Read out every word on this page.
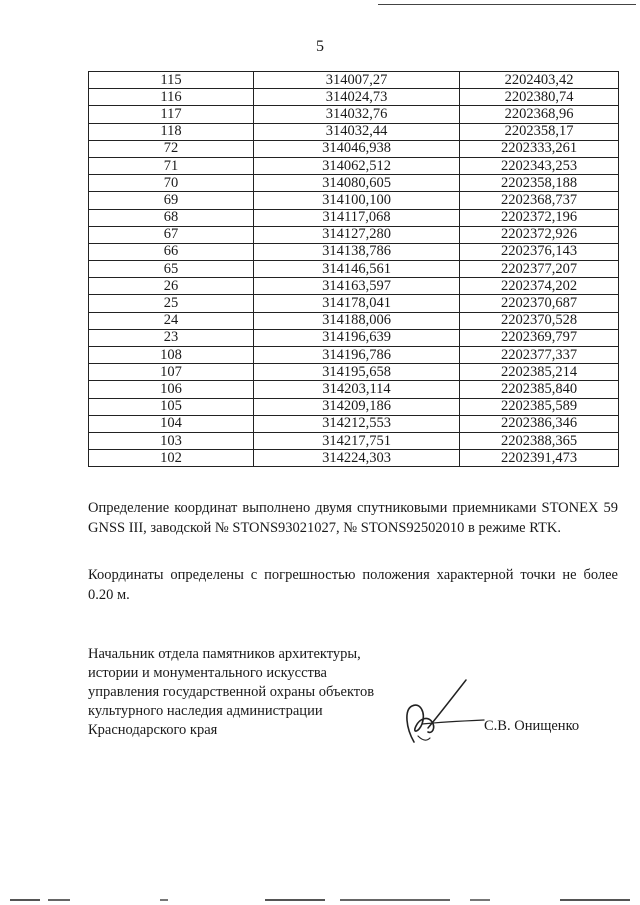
5
115	314007,27	2202403,42
116	314024,73	2202380,74
117	314032,76	2202368,96
118	314032,44	2202358,17
72	314046,938	2202333,261
71	314062,512	2202343,253
70	314080,605	2202358,188
69	314100,100	2202368,737
68	314117,068	2202372,196
67	314127,280	2202372,926
66	314138,786	2202376,143
65	314146,561	2202377,207
26	314163,597	2202374,202
25	314178,041	2202370,687
24	314188,006	2202370,528
23	314196,639	2202369,797
108	314196,786	2202377,337
107	314195,658	2202385,214
106	314203,114	2202385,840
105	314209,186	2202385,589
104	314212,553	2202386,346
103	314217,751	2202388,365
102	314224,303	2202391,473
Определение координат выполнено двумя спутниковыми приемниками STONEX 59 GNSS III, заводской № STONS93021027, № STONS92502010 в режиме RTK.
Координаты определены с погрешностью положения характерной точки не более 0.20 м.
Начальник отдела памятников архитектуры,
истории и монументального искусства
управления государственной охраны объектов
культурного наследия администрации
Краснодарского края	С.В. Онищенко
